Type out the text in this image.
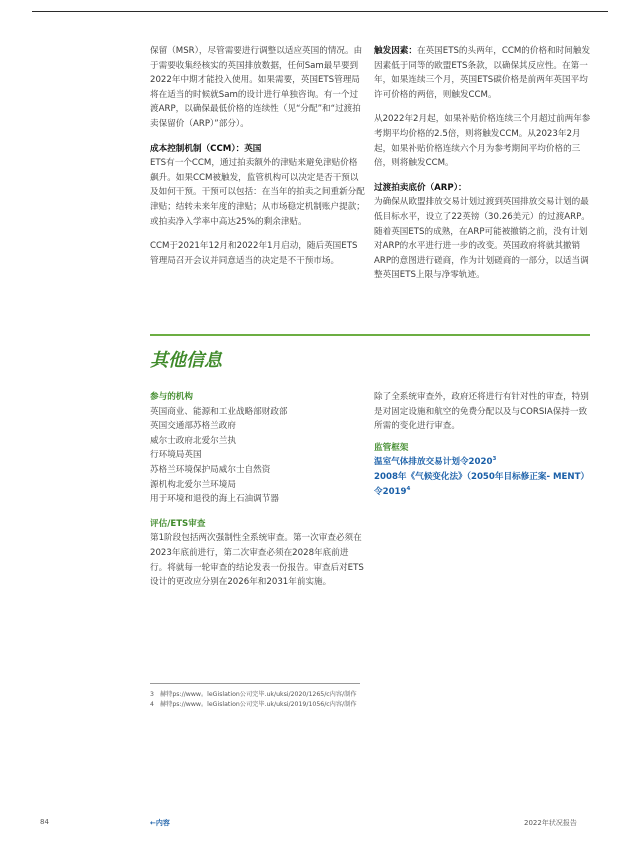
保留（MSR），尽管需要进行调整以适应英国的情况。由于需要收集经核实的英国排放数据，任何Sam最早要到2022年中期才能投入使用。如果需要，英国ETS管理局将在适当的时候就Sam的设计进行单独咨询。有一个过渡ARP，以确保最低价格的连续性（见“分配”和“过渡拍卖保留价（ARP）”部分）。

成本控制机制（CCM）：英国

ETS有一个CCM，通过拍卖额外的津贴来避免津贴价格飙升。如果CCM被触发，监管机构可以决定是否干预以及如何干预。干预可以包括：在当年的拍卖之间重新分配津贴；结转未来年度的津贴；从市场稳定机制账户提款；或拍卖净入学率中高达25%的剩余津贴。

CCM于2021年12月和2022年1月启动，随后英国ETS管理局召开会议并同意适当的决定是不干预市场。

触发因素：在英国ETS的头两年，CCM的价格和时间触发因素低于同等的欧盟ETS条款，以确保其反应性。在第一年，如果连续三个月，英国ETS碳价格是前两年英国平均许可价格的两倍，则触发CCM。

从2022年2月起，如果补贴价格连续三个月超过前两年参考期平均价格的2.5倍，则将触发CCM。从2023年2月起，如果补贴价格连续六个月为参考期间平均价格的三倍，则将触发CCM。

过渡拍卖底价（ARP）：

为确保从欧盟排放交易计划过渡到英国排放交易计划的最低目标水平，设立了22英镑（30.26美元）的过渡ARP。随着英国ETS的成熟，在ARP可能被撤销之前，没有计划对ARP的水平进行进一步的改变。英国政府将就其撤销ARP的意图进行磋商，作为计划磋商的一部分，以适当调整英国ETS上限与净零轨迹。

其他信息

参与的机构

英国商业、能源和工业战略部财政部

英国交通部苏格兰政府

威尔士政府北爱尔兰执

行环境局英国

苏格兰环境保护局威尔士自然资

源机构北爱尔兰环境局

用于环境和退役的海上石油调节器

评估/ETS审查

第1阶段包括两次强制性全系统审查。第一次审查必须在2023年底前进行，第二次审查必须在2028年底前进行。将就每一轮审查的结论发表一份报告。审查后对ETS设计的更改应分别在2026年和2031年前实施。

除了全系统审查外，政府还将进行有针对性的审查，特别是对固定设施和航空的免费分配以及与CORSIA保持一致所需的变化进行审查。

监管框架

温室气体排放交易计划令2020$^3$

2008年《气候变化法》（2050年目标修正案- MENT）
令2019$^4$

3 赫特ps://www。leGislation公司完毕.uk/uksi/2020/1265/c内容/制作
4 赫特ps://www。leGislation公司完毕.uk/uksi/2019/1056/c内容/制作
84	←内容	2022年状况报告
